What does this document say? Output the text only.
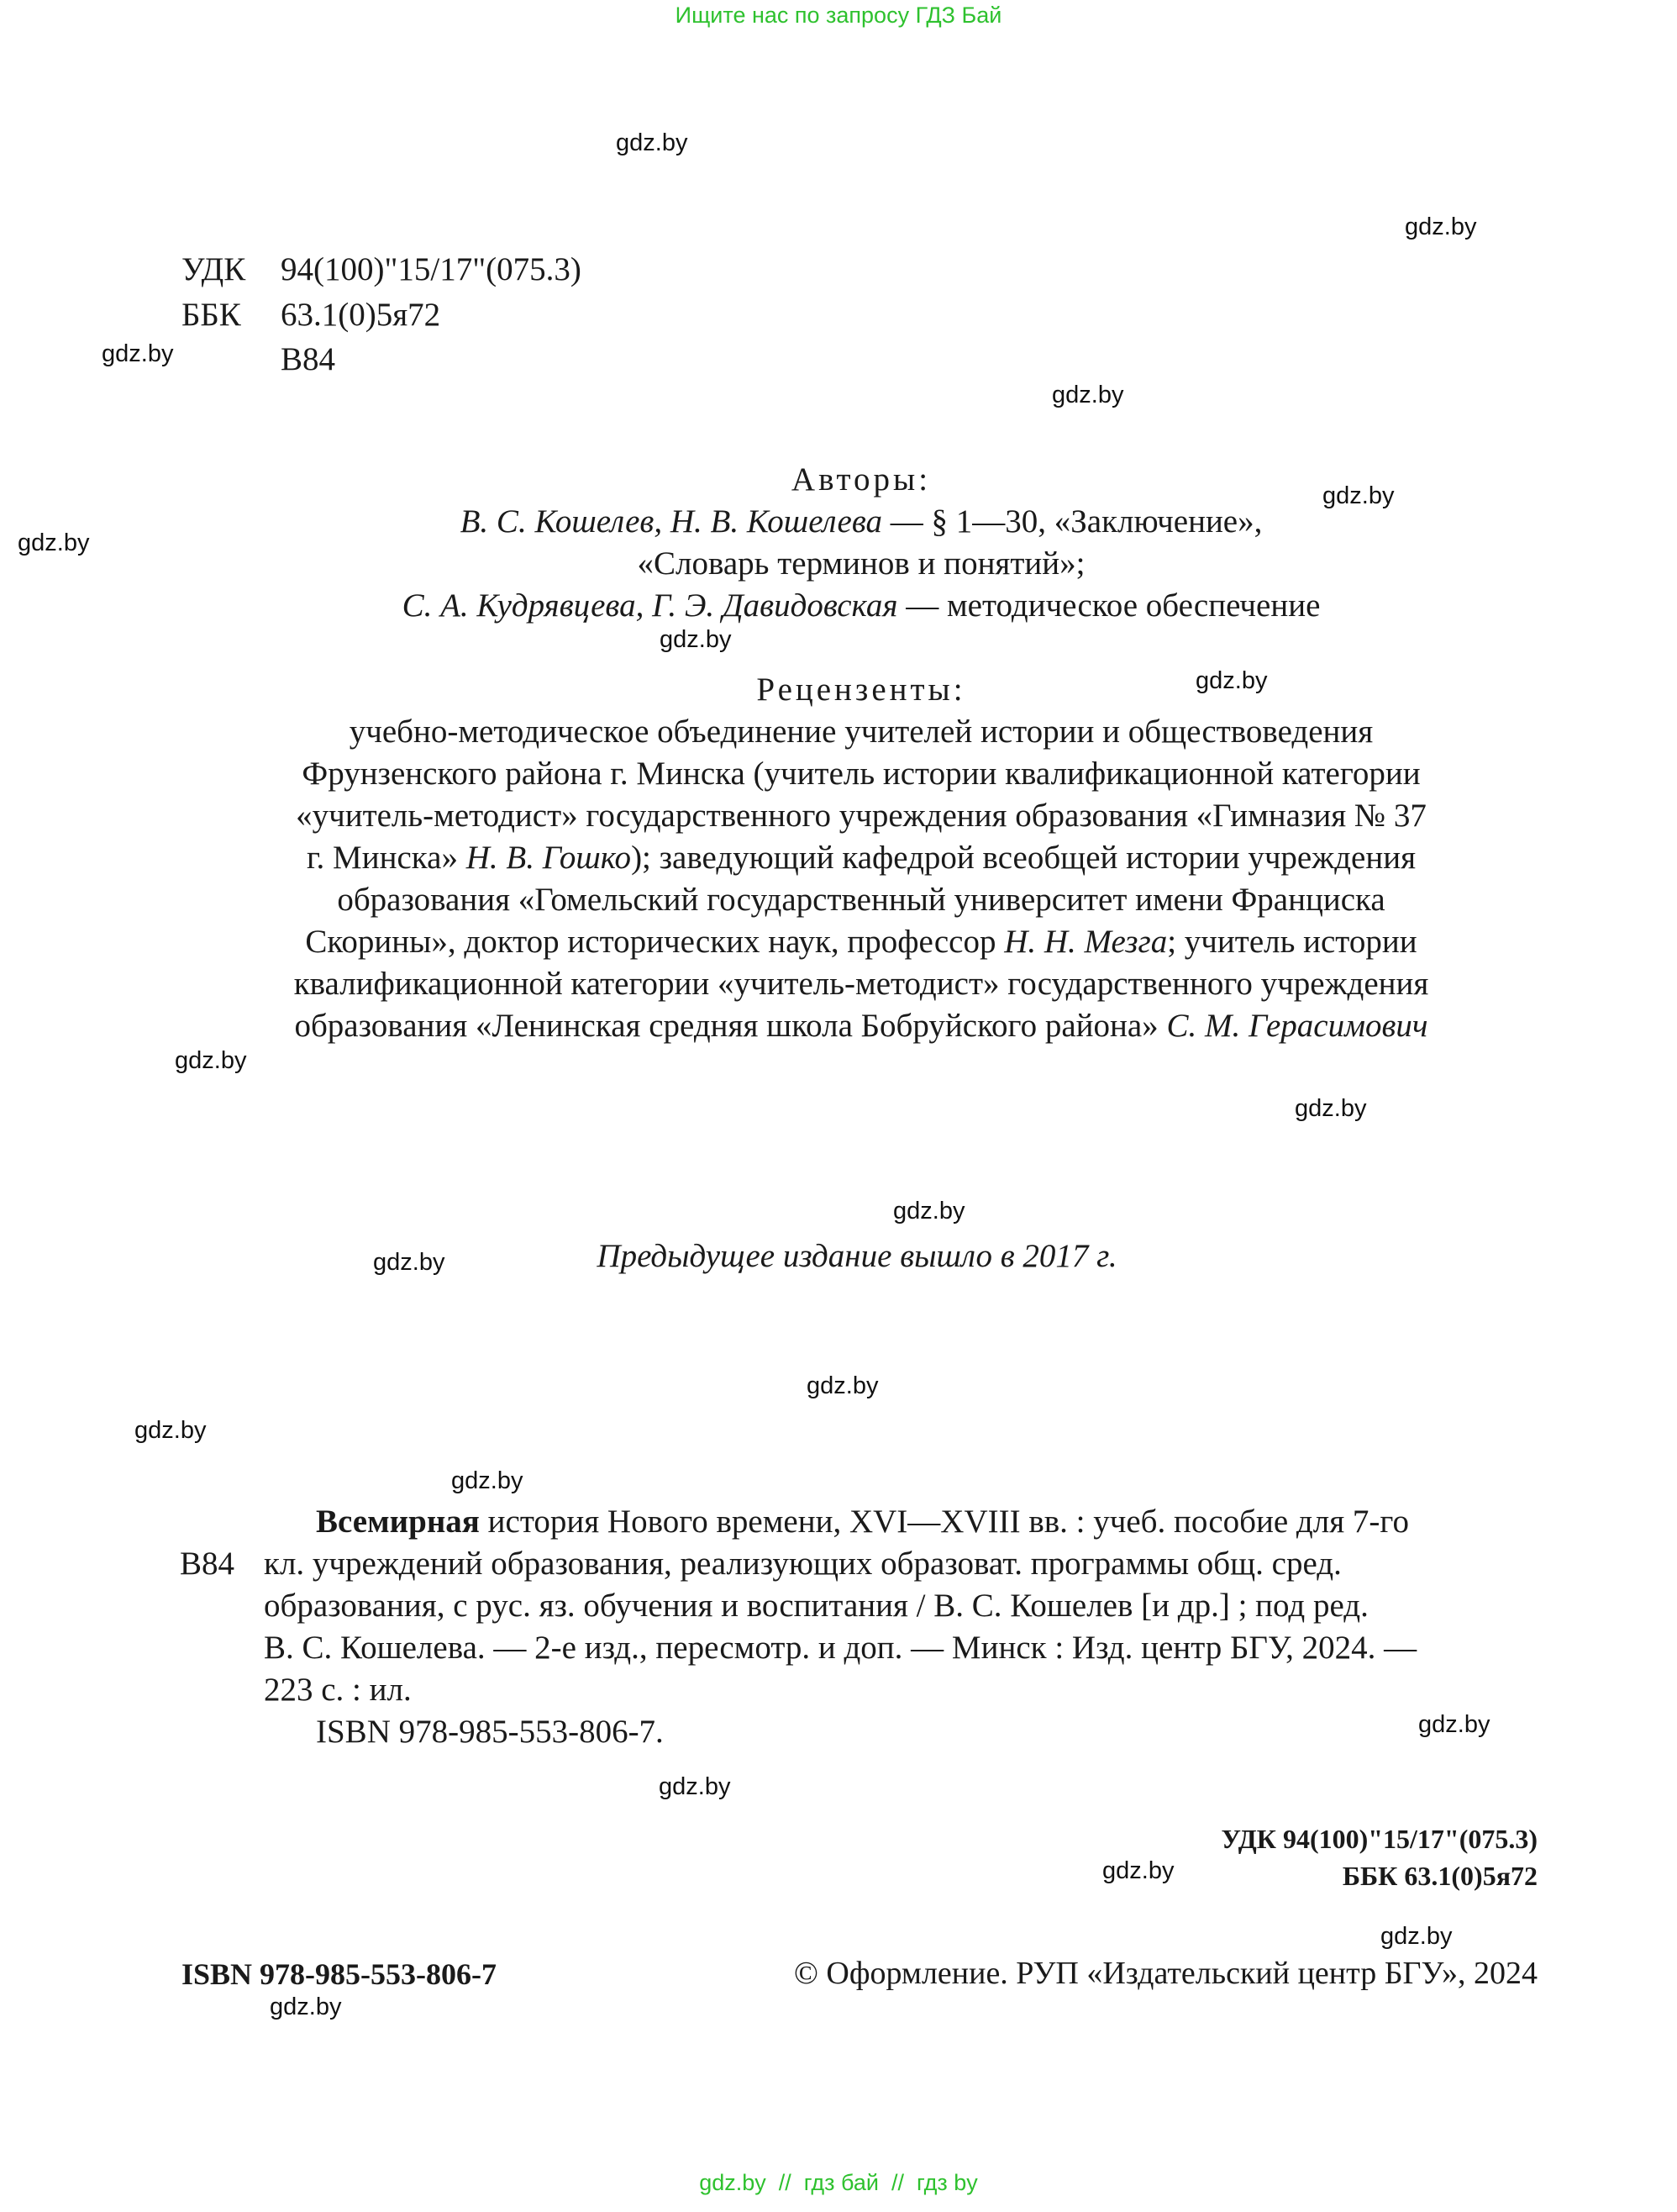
Ищите нас по запросу ГДЗ Бай
gdz.by
gdz.by
gdz.by
gdz.by
gdz.by
gdz.by
gdz.by
gdz.by
gdz.by
gdz.by
gdz.by
gdz.by
gdz.by
gdz.by
gdz.by
gdz.by
gdz.by
gdz.by
gdz.by
gdz.by
УДК 94(100)"15/17"(075.3)
ББК 63.1(0)5я72
В84
Авторы:
В. С. Кошелев, Н. В. Кошелева — § 1—30, «Заключение»,
«Словарь терминов и понятий»;
С. А. Кудрявцева, Г. Э. Давидовская — методическое обеспечение
Рецензенты:
учебно-методическое объединение учителей истории и обществоведения
Фрунзенского района г. Минска (учитель истории квалификационной категории
«учитель-методист» государственного учреждения образования «Гимназия № 37
г. Минска» Н. В. Гошко); заведующий кафедрой всеобщей истории учреждения
образования «Гомельский государственный университет имени Франциска
Скорины», доктор исторических наук, профессор Н. Н. Мезга; учитель истории
квалификационной категории «учитель-методист» государственного учреждения
образования «Ленинская средняя школа Бобруйского района» С. М. Герасимович
Предыдущее издание вышло в 2017 г.
В84
Всемирная история Нового времени, XVI—XVIII вв. : учеб. пособие для 7-го
кл. учреждений образования, реализующих образоват. программы общ. сред.
образования, с рус. яз. обучения и воспитания / В. С. Кошелев [и др.] ; под ред.
В. С. Кошелева. — 2-е изд., пересмотр. и доп. — Минск : Изд. центр БГУ, 2024. —
223 с. : ил.
ISBN 978-985-553-806-7.
УДК 94(100)"15/17"(075.3)
ББК 63.1(0)5я72
ISBN 978-985-553-806-7	© Оформление. РУП «Издательский центр БГУ», 2024
gdz.by  //  гдз бай  //  гдз by
